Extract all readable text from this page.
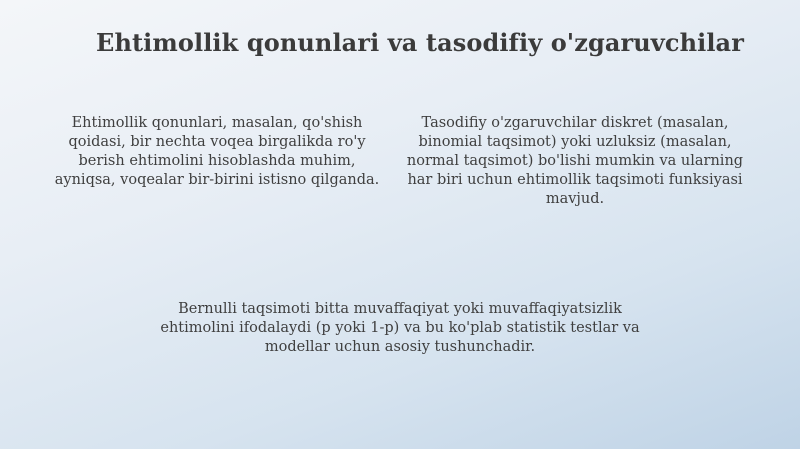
Ehtimollik qonunlari va tasodifiy o'zgaruvchilar

Ehtimollik qonunlari, masalan, qo'shish qoidasi, bir nechta voqea birgalikda ro'y berish ehtimolini hisoblashda muhim, ayniqsa, voqealar bir-birini istisno qilganda.

Tasodifiy o'zgaruvchilar diskret (masalan, binomial taqsimot) yoki uzluksiz (masalan, normal taqsimot) bo'lishi mumkin va ularning har biri uchun ehtimollik taqsimoti funksiyasi mavjud.

Bernulli taqsimoti bitta muvaffaqiyat yoki muvaffaqiyatsizlik ehtimolini ifodalaydi (p yoki 1-p) va bu ko'plab statistik testlar va modellar uchun asosiy tushunchadir.
